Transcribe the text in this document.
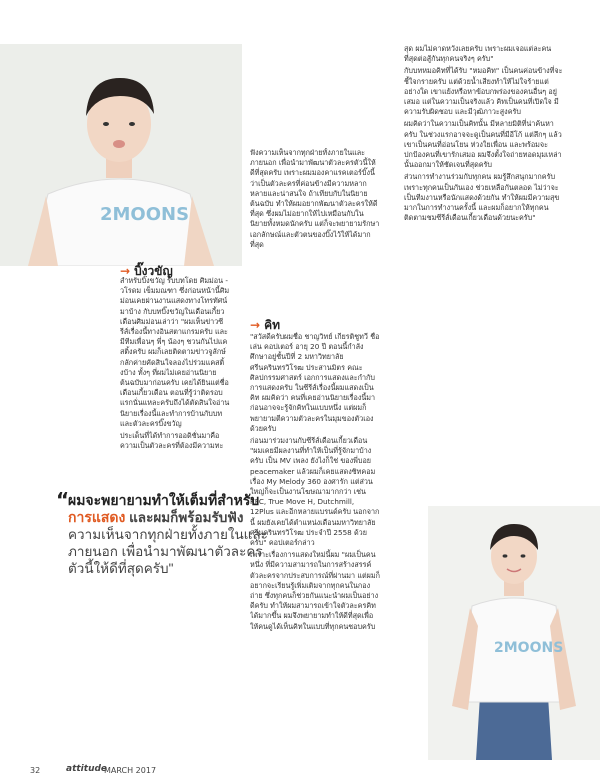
2MOONS
2MOONS
→ บิ๊งวขัญ

สำหรับบิ๊งขวัญ รับบทโดย ศิมม่อน - วโรดม เข็มมณฑา ซึ่งก่อนหน้านี้ศิมม่อนเคยผ่านงานแสดงทางโทรทัศน์มาบ้าง กับบทบิ๊งขวัญในเดือนเกี้ยวเดือนศิมม่อนเล่าว่า "ผมเห็นข่าวซีรีส์เรื่องนี้ทางอินสตาแกรมครับ และมีทีมเพื่อนๆ พี่ๆ น้องๆ ชวนกันไปแคสติ้งครับ ผมก็เลยติดตามข่าวจูลักษ์กลักค่ายคัดสินใจลองไปร่วมแคสติ้งบ้าง ทั้งๆ ที่ผมไม่เคยอ่านนิยายต้นฉบับมาก่อนครับ เคยได้ยินแต่ชื่อ เดือนเกี้ยวเดือน ตอนที่รู้ว่าติดรอบแรกนั่นแหละครับถึงได้ตัดสินใจอ่านนิยายเรื่องนี้และทำการบ้านกับบทและตัวละครบิ๊งขวัญ

ประเด็นที่ได้ทำการออดิชั่นมาคือ ความเป็นตัวละครที่ต้องมีความทะ

ฟังความเห็นจากทุกฝ่ายทั้งภายในและภายนอก เพื่อนำมาพัฒนาตัวละครตัวนี้ให้ดีที่สุดครับ เพราะผมมองคาแรคเตอร์บิ๊งนี้ว่าเป็นตัวละครที่ค่อนข้างมีความหลากหลายและน่าสนใจ ถ้าเทียบกับในนิยายต้นฉบับ ทำให้ผมอยากพัฒนาตัวละครให้ดีที่สุด ซึ่งผมไม่อยากให้ไปเหมือนกับในนิยายทั้งหมดนักครับ แต่ก็จะพยายามรักษาเอกลักษณ์และตัวตนของบิ๊งไว้ให้ได้มากที่สุด

→ คิท

"สวัสดีครับผมชื่อ ชาญวิทย์ เกียรติชูทวี ชื่อเล่น คอปเตอร์ อายุ 20 ปี ตอนนี้กำลังศึกษาอยู่ชั้นปีที่ 2 มหาวิทยาลัยศรีนครินทรวิโรฒ ประสานมิตร คณะศิลปกรรมศาสตร์ เอกการแสดงและกำกับการแสดงครับ ในซีรีส์เรื่องนี้ผมแสดงเป็นคิท ผมคิดว่า คนที่เคยอ่านนิยายเรื่องนี้มาก่อนอาจจะรู้จักคิทในแบบหนึ่ง แต่ผมก็พยายามตีความตัวละครในมุมของตัวเองด้วยครับ

ก่อนมาร่วมงานกับซีรีส์เดือนเกี้ยวเดือน "ผมเคยมีผลงานที่ทำให้เป็นที่รู้จักมาบ้างครับ เป็น MV เพลง ยังไงก็ใช่ ของพี่บอย peacemaker แล้วผมก็เคยแสดงซิทคอมเรื่อง My Melody 360 องศารัก แต่ส่วนใหญ่ก็จะเป็นงานโฆษณามากกว่า เช่น KFC, True Move H, Dutchmill, 12Plus และอีกหลายแบรนด์ครับ นอกจากนี้ ผมยังเคยได้ตำแหน่งเดือนมหาวิทยาลัยศรีนครินทรวิโรฒ ประจำปี 2558 ด้วยครับ" คอปเตอร์กล่าว

เพราะเรื่องการแสดงใหม่นี้ผม "ผมเป็นคนหนึ่ง ที่มีความสามารถในการสร้างสรรค์ตัวละครจากประสบการณ์ที่ผ่านมา แต่ผมก็อยากจะเรียนรู้เพิ่มเติมจากทุกคนในกองถ่าย ซึ่งทุกคนก็ช่วยกันแนะนำผมเป็นอย่างดีครับ ทำให้ผมสามารถเข้าใจตัวละครคิทได้มากขึ้น ผมจึงพยายามทำให้ดีที่สุดเพื่อให้คนดูได้เห็นคิทในแบบที่ทุกคนชอบครับ

สุด ผมไม่คาดหวังเลยครับ เพราะผมเจอแต่ละคนที่สุดต่อสู้กันทุกคนจริงๆ ครับ"

กับบทหมอคิทที่ได้รับ "หมอคิท" เป็นคนค่อนข้างที่จะชี้ใจกรายครับ แต่ด้วยน้ำเสียงทำให้ไม่ใจร้ายแต่อย่างใด เขาแย้งหรือหาข้อบกพร่องของคนอื่นๆ อยู่เสมอ แต่ในความเป็นจริงแล้ว คิทเป็นคนที่เปิดใจ มีความรับผิดชอบ และมีวุฒิภาวะสูงครับ

ผมคิดว่าในความเป็นคิทนั้น มีหลายมิติที่น่าค้นหาครับ ในช่วงแรกอาจจะดูเป็นคนที่มีอีโก้ แต่ลึกๆ แล้วเขาเป็นคนที่อ่อนโยน ห่วงใยเพื่อน และพร้อมจะปกป้องคนที่เขารักเสมอ ผมจึงตั้งใจถ่ายทอดมุมเหล่านั้นออกมาให้ชัดเจนที่สุดครับ

ส่วนการทำงานร่วมกับทุกคน ผมรู้สึกสนุกมากครับ เพราะทุกคนเป็นกันเอง ช่วยเหลือกันตลอด ไม่ว่าจะเป็นทีมงานหรือนักแสดงด้วยกัน ทำให้ผมมีความสุขมากในการทำงานครั้งนี้ และผมก็อยากให้ทุกคนติดตามชมซีรีส์เดือนเกี้ยวเดือนด้วยนะครับ"

“
ผมจะพยายามทำให้เต็มที่สำหรับ
การแสดง และผมก็พร้อมรับฟัง
ความเห็นจากทุกฝ่ายทั้งภายในและ
ภายนอก เพื่อนำมาพัฒนาตัวละคร
ตัวนี้ให้ดีที่สุดครับ"
32	attitude
MARCH 2017
